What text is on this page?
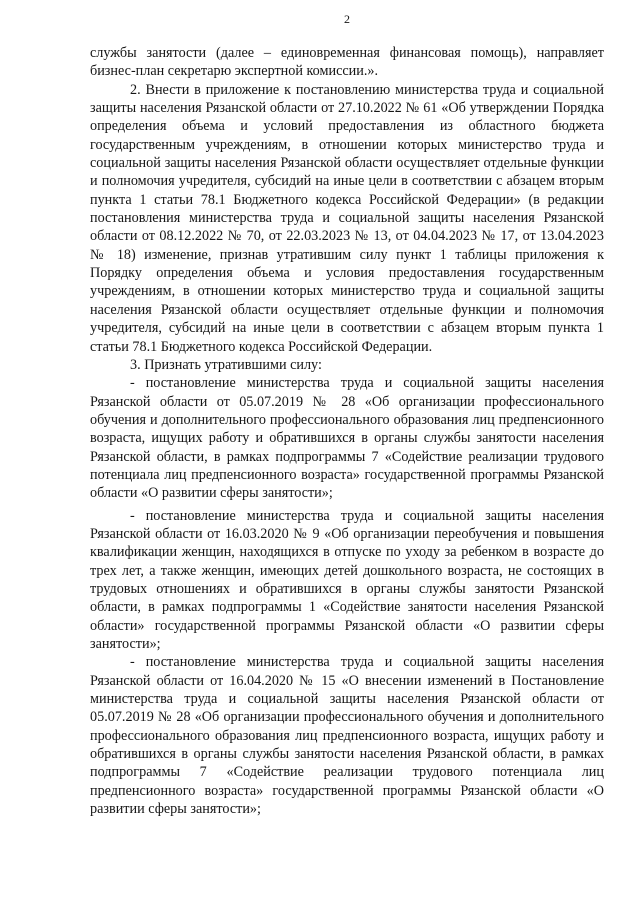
2

службы занятости (далее – единовременная финансовая помощь), направляет бизнес-план секретарю экспертной комиссии.».

2. Внести в приложение к постановлению министерства труда и социальной защиты населения Рязанской области от 27.10.2022 № 61 «Об утверждении Порядка определения объема и условий предоставления из областного бюджета государственным учреждениям, в отношении которых министерство труда и социальной защиты населения Рязанской области осуществляет отдельные функции и полномочия учредителя, субсидий на иные цели в соответствии с абзацем вторым пункта 1 статьи 78.1 Бюджетного кодекса Российской Федерации» (в редакции постановления министерства труда и социальной защиты населения Рязанской области от 08.12.2022 № 70, от 22.03.2023 № 13, от 04.04.2023 № 17, от 13.04.2023 № 18) изменение, признав утратившим силу пункт 1 таблицы приложения к Порядку определения объема и условия предоставления государственным учреждениям, в отношении которых министерство труда и социальной защиты населения Рязанской области осуществляет отдельные функции и полномочия учредителя, субсидий на иные цели в соответствии с абзацем вторым пункта 1 статьи 78.1 Бюджетного кодекса Российской Федерации.

3. Признать утратившими силу:

- постановление министерства труда и социальной защиты населения Рязанской области от 05.07.2019 № 28 «Об организации профессионального обучения и дополнительного профессионального образования лиц предпенсионного возраста, ищущих работу и обратившихся в органы службы занятости населения Рязанской области, в рамках подпрограммы 7 «Содействие реализации трудового потенциала лиц предпенсионного возраста» государственной программы Рязанской области «О развитии сферы занятости»;

- постановление министерства труда и социальной защиты населения Рязанской области от 16.03.2020 № 9 «Об организации переобучения и повышения квалификации женщин, находящихся в отпуске по уходу за ребенком в возрасте до трех лет, а также женщин, имеющих детей дошкольного возраста, не состоящих в трудовых отношениях и обратившихся в органы службы занятости Рязанской области, в рамках подпрограммы 1 «Содействие занятости населения Рязанской области» государственной программы Рязанской области «О развитии сферы занятости»;

- постановление министерства труда и социальной защиты населения Рязанской области от 16.04.2020 № 15 «О внесении изменений в Постановление министерства труда и социальной защиты населения Рязанской области от 05.07.2019 № 28 «Об организации профессионального обучения и дополнительного профессионального образования лиц предпенсионного возраста, ищущих работу и обратившихся в органы службы занятости населения Рязанской области, в рамках подпрограммы 7 «Содействие реализации трудового потенциала лиц предпенсионного возраста» государственной программы Рязанской области «О развитии сферы занятости»;
